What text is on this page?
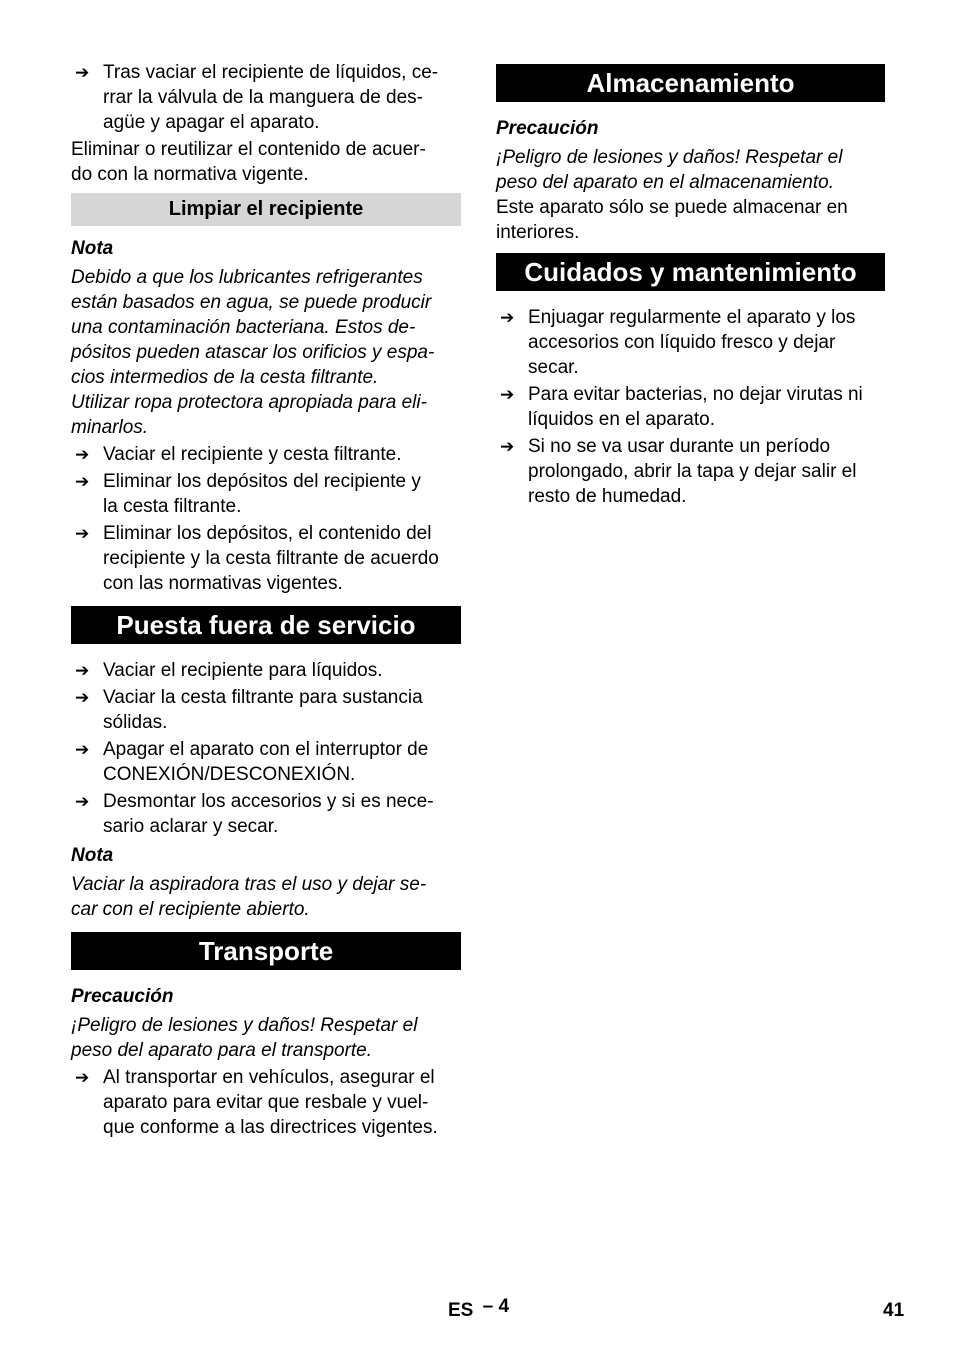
➔ Tras vaciar el recipiente de líquidos, ce-
rrar la válvula de la manguera de des-
agüe y apagar el aparato.

Eliminar o reutilizar el contenido de acuer-
do con la normativa vigente.

Limpiar el recipiente
Nota

Debido a que los lubricantes refrigerantes
están basados en agua, se puede producir
una contaminación bacteriana. Estos de-
pósitos pueden atascar los orificios y espa-
cios intermedios de la cesta filtrante.
Utilizar ropa protectora apropiada para eli-
minarlos.

➔ Vaciar el recipiente y cesta filtrante.
➔ Eliminar los depósitos del recipiente y
la cesta filtrante.
➔ Eliminar los depósitos, el contenido del
recipiente y la cesta filtrante de acuerdo
con las normativas vigentes.
Puesta fuera de servicio
➔ Vaciar el recipiente para líquidos.
➔ Vaciar la cesta filtrante para sustancia
sólidas.
➔ Apagar el aparato con el interruptor de
CONEXIÓN/DESCONEXIÓN.
➔ Desmontar los accesorios y si es nece-
sario aclarar y secar.
Nota

Vaciar la aspiradora tras el uso y dejar se-
car con el recipiente abierto.

Transporte
Precaución

¡Peligro de lesiones y daños! Respetar el
peso del aparato para el transporte.

➔ Al transportar en vehículos, asegurar el
aparato para evitar que resbale y vuel-
que conforme a las directrices vigentes.
Almacenamiento
Precaución

¡Peligro de lesiones y daños! Respetar el
peso del aparato en el almacenamiento.

Este aparato sólo se puede almacenar en
interiores.

Cuidados y mantenimiento
➔ Enjuagar regularmente el aparato y los
accesorios con líquido fresco y dejar
secar.
➔ Para evitar bacterias, no dejar virutas ni
líquidos en el aparato.
➔ Si no se va usar durante un período
prolongado, abrir la tapa y dejar salir el
resto de humedad.
ES – 4	41
